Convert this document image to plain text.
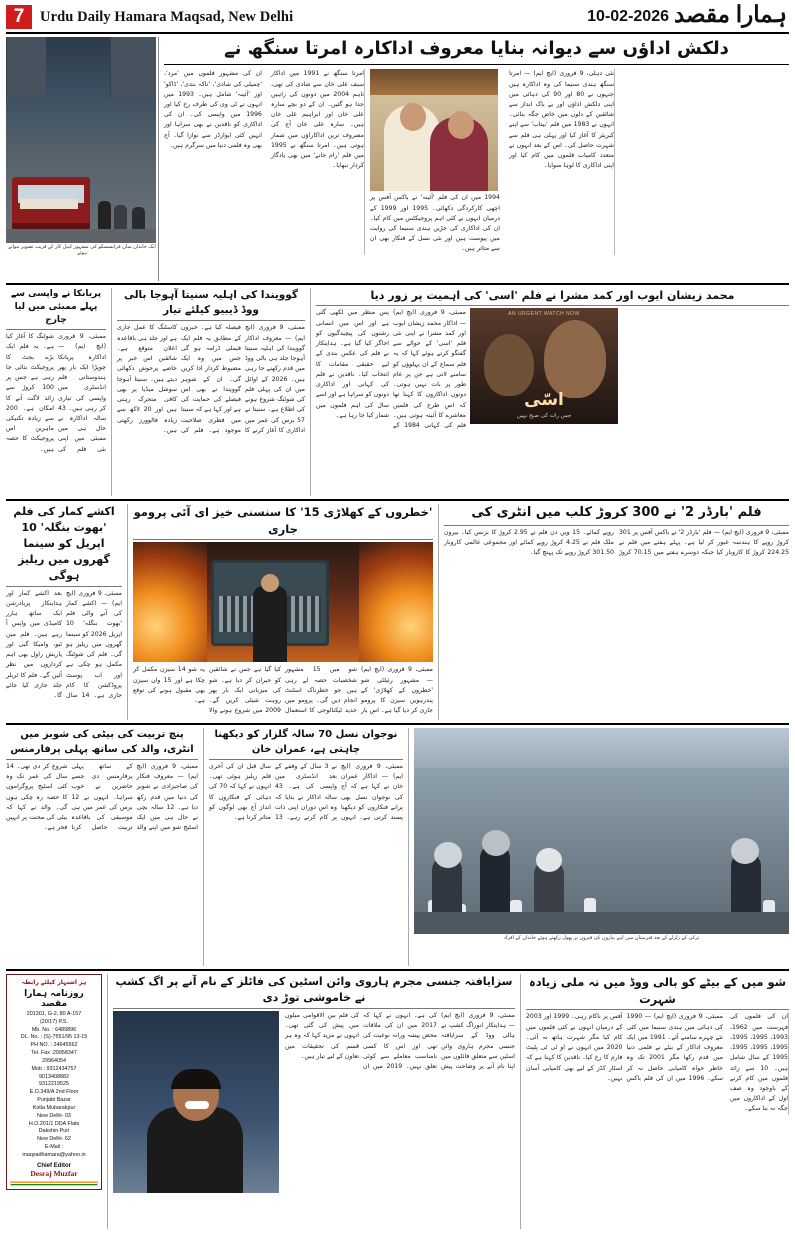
7	Urdu Daily Hamara Maqsad, New Delhi	10-02-2026 ہمارا مقصد
ایک خاندان سان فرانسسکو کی مشہور کیبل کار کے قریب تصویر بنواتے ہوئے
دلکش اداؤں سے دیوانہ بنایا معروف اداکارہ امرتا سنگھ نے
ان کی مشہور فلموں میں 'مرد'، 'چمیلی کی شادی'، 'ناکہ بندی'، 'ڈاکو' اور 'آئینہ' شامل ہیں۔ 1993 میں انہوں نے ٹی وی کی طرف رخ کیا اور 1996 میں واپسی کی۔ ان کی اداکاری کو ناقدین نے بھی سراہا اور انہیں کئی ایوارڈز سے نوازا گیا۔ آج بھی وہ فلمی دنیا میں سرگرم ہیں۔
امرتا سنگھ نے 1991 میں اداکار سیف علی خان سے شادی کی تھی، تاہم 2004 میں دونوں کی راہیں جدا ہو گئیں۔ ان کے دو بچے سارہ علی خان اور ابراہیم علی خان ہیں۔ سارہ علی خان آج کی مصروف ترین اداکاراؤں میں شمار ہوتی ہیں۔ امرتا سنگھ نے 1995 میں فلم 'رام جانے' میں بھی یادگار کردار نبھایا۔
1994 میں ان کی فلم 'آئینہ' نے باکس آفس پر اچھی کارکردگی دکھائی۔ 1995 اور 1999 کے درمیان انہوں نے کئی اہم پروجیکٹس میں کام کیا۔ ان کی اداکاری کی جڑیں ہندی سنیما کی روایت میں پیوست ہیں اور نئی نسل کے فنکار بھی ان سے متاثر ہیں۔
نئی دہلی، 9 فروری (ایچ ایم) — امرتا سنگھ ہندی سنیما کی وہ اداکارہ ہیں جنہوں نے 80 اور 90 کی دہائی میں اپنی دلکش اداؤں اور بے باک انداز سے شائقین کے دلوں میں خاص جگہ بنائی۔ انہوں نے 1983 میں فلم 'بیتاب' سے اپنے کیریئر کا آغاز کیا اور پہلی ہی فلم سے شہرت حاصل کی۔ اس کے بعد انہوں نے متعدد کامیاب فلموں میں کام کیا اور اپنی اداکاری کا لوہا منوایا۔
پریانکا نے واپسی سے پہلے ممبئی میں لیا چارج
ممبئی، 9 فروری (ایچ ایم) — اداکارہ پریانکا چوپڑا ایک بار پھر ہندوستانی فلم انڈسٹری میں واپسی کی تیاری کر رہی ہیں۔ 43 سالہ اداکارہ نے حال ہی میں ممبئی میں اپنی نئی فلم کی شوٹنگ کا آغاز کیا ہے۔ یہ فلم ایک بڑے بجٹ کا پروجیکٹ بتائی جا رہی ہے جس پر 100 کروڑ سے زائد لاگت آنے کا امکان ہے۔ 200 سے زیادہ تکنیکی ماہرین اس پروجیکٹ کا حصہ ہیں۔
گوویندا کی اہلیہ سنیتا آہوجا بالی ووڈ ڈیبیو کیلئے تیار
ممبئی، 9 فروری (ایچ ایم) — معروف اداکار گوویندا کی اہلیہ سنیتا آہوجا جلد ہی بالی ووڈ میں قدم رکھنے جا رہی ہیں۔ 2026 کے اوائل میں ان کی پہلی فلم کی شوٹنگ شروع ہونے کی اطلاع ہے۔ سنیتا نے 57 برس کی عمر میں اداکاری کا آغاز کرنے کا فیصلہ کیا ہے۔ خبروں کے مطابق یہ فلم ایک فیملی ڈرامہ ہو گی جس میں وہ ایک مضبوط کردار ادا کریں گی۔ ان کے شوہر گوویندا نے بھی اس فیصلے کی حمایت کی ہے اور کہا ہے کہ سنیتا میں فطری صلاحیت موجود ہے۔ فلم کی کاسٹنگ کا عمل جاری ہے اور جلد ہی باقاعدہ اعلان متوقع ہے۔ شائقین اس خبر پر خاصے پرجوش دکھائی دیتے ہیں۔ سنیتا آہوجا سوشل میڈیا پر بھی کافی متحرک رہتی ہیں اور 20 لاکھ سے زیادہ فالوورز رکھتی ہیں۔
محمد زیشان ایوب اور کمد مشرا نے فلم 'اسی' کی اہمیت پر زور دیا
ممبئی، 9 فروری (ایچ ایم) — اداکار محمد زیشان ایوب اور کمد مشرا نے اپنی نئی فلم 'اسی' کے حوالے سے گفتگو کرتے ہوئے کہا کہ یہ فلم سماج کے ان پہلوؤں کو سامنے لاتی ہے جن پر عام طور پر بات نہیں ہوتی۔ دونوں اداکاروں کا کہنا تھا کہ اس طرح کی فلمیں معاشرے کا آئینہ ہوتی ہیں۔ فلم کی کہانی 1984 کے پس منظر میں لکھی گئی ہے اور اس میں انسانی رشتوں کی پیچیدگیوں کو اجاگر کیا گیا ہے۔ ہدایتکار نے فلم کی عکس بندی کے لیے حقیقی مقامات کا انتخاب کیا۔ ناقدین نے فلم کی کہانی اور اداکاری دونوں کو سراہا ہے اور اسے سال کی اہم فلموں میں شمار کیا جا رہا ہے۔
AN URGENT WATCH NOW
اسّی
جس رات کی صبح نہیں
اکشے کمار کی فلم 'بھوت بنگلہ' 10 اپریل کو سینما گھروں میں ریلیز ہوگی
ممبئی، 9 فروری (ایچ ایم) — اکشے کمار کی آنے والی فلم 'بھوت بنگلہ' 10 اپریل 2026 کو سینما گھروں میں ریلیز ہو گی۔ فلم کی شوٹنگ مکمل ہو چکی ہے اور اب پوسٹ پروڈکشن کا کام جاری ہے۔ 14 سال بعد اکشے کمار اور ہدایتکار پریادرشن ایک ساتھ ہارر کامیڈی میں واپس آ رہے ہیں۔ فلم میں ٹبو، وامیکا گبی اور پاریش راول بھی اہم کرداروں میں نظر آئیں گے۔ فلم کا ٹریلر جلد جاری کیا جائے گا۔
'خطروں کے کھلاڑی 15' کا سنسنی خیز ای آئی پرومو جاری
ممبئی، 9 فروری (ایچ ایم) — مشہور رئیلٹی شو 'خطروں کے کھلاڑی' کے پندرہویں سیزن کا پرومو جاری کر دیا گیا ہے۔ اس بار شو میں 15 مشہور شخصیات حصہ لے رہی ہیں جو خطرناک اسٹنٹ انجام دیں گی۔ پرومو میں جدید ٹیکنالوجی کا استعمال کیا گیا ہے جس نے شائقین کو حیران کر دیا ہے۔ شو کی میزبانی ایک بار پھر روہت شیٹی کریں گے۔ 2009 میں شروع ہونے والا یہ شو 14 سیزن مکمل کر چکا ہے اور 15 واں سیزن بھی مقبول ہونے کی توقع ہے۔
فلم 'بارڈر 2' نے 300 کروڑ کلب میں انٹری کی
ممبئی، 9 فروری (ایچ ایم) — فلم 'بارڈر 2' نے باکس آفس پر 301 کروڑ روپے کا ہندسہ عبور کر لیا ہے۔ پہلے ہفتے میں فلم نے 224.25 کروڑ کا کاروبار کیا جبکہ دوسرے ہفتے میں 70.15 کروڑ روپے کمائے۔ 15 ویں دن فلم نے 2.95 کروڑ کا بزنس کیا۔ بیرون ملک فلم نے 4.25 کروڑ روپے کمائے اور مجموعی عالمی کاروبار 301.50 کروڑ روپے تک پہنچ گیا۔
پنچ تربیت کی بیٹی کی شوبز میں انٹری، والد کی ساتھ پہلی پرفارمنس
ممبئی، 9 فروری (ایچ ایم) — معروف فنکار کی صاحبزادی نے شوبز کی دنیا میں قدم رکھ دیا ہے۔ 12 سالہ بچی نے حال ہی میں ایک اسٹیج شو میں اپنے والد کے ساتھ پہلی پرفارمنس دی جسے حاضرین نے خوب سراہا۔ انہوں نے 12 برس کی عمر میں ہی موسیقی کی باقاعدہ تربیت حاصل کرنا شروع کر دی تھی۔ 14 سال کی عمر تک وہ کئی اسٹیج پروگراموں کا حصہ رہ چکی ہوں گی۔ والد نے کہا کہ بیٹی کی محنت پر انہیں فخر ہے۔
نوجوان نسل 70 سالہ گلزار کو دیکھنا چاہتی ہے، عمران خان
ممبئی، 9 فروری (ایچ ایم) — اداکار عمران خان نے کہا ہے کہ آج کی نوجوان نسل بھی پرانے فنکاروں کو دیکھنا پسند کرتی ہے۔ انہوں نے 3 سال کے وقفے کے بعد انڈسٹری میں واپسی کی ہے۔ 43 سالہ اداکار نے بتایا کہ وہ اس دوران اپنی ذات پر کام کرتے رہے۔ 13 سال قبل ان کی آخری فلم ریلیز ہوئی تھی۔ انہوں نے کہا کہ 70 کی دہائی کے فنکاروں کا انداز آج بھی لوگوں کو متاثر کرتا ہے۔
ترکی کے زلزلے کے بعد قبرستان میں اپنے پیاروں کی قبروں پر پھول رکھتے ہوئے خاندان کے افراد
ہر اشتہار کیلئے رابطہ
روزنامہ ہمارا مقصد
201301, G-2, 80 A-157
(20/17) P.S.
Mb. No. : 6489896
DL. No. : (S)-7551/95 13-15
PH NO. : 24645562
Tel. Fax :29958347
29964054
Mob : 9312434757
9013408882
9312219525
E.O.349/A 2nd Floor
Punjabi Bazar
Kotla Mubarakpur
New Delhi- 03
H.O.201/1 DDA Flats
Dakshin Puri
New Delhi- 62
E-Mail :
maqsadhamara@yahoo.in
Chief Editor
Desraj Muzfar
سزایافتہ جنسی مجرم ہاروی وائن اسٹین کی فائلز کے نام آنے پر اگ کشپ نے خاموشی توڑ دی
ممبئی، 9 فروری (ایچ ایم) — ہدایتکار انوراگ کشپ نے ہالی ووڈ کے سزایافتہ جنسی مجرم ہاروی وائن اسٹین سے متعلق فائلوں میں اپنا نام آنے پر وضاحت پیش کی ہے۔ انہوں نے کہا کہ 2017 میں ان کی ملاقات محض پیشہ ورانہ نوعیت کی تھی اور اس کا کسی نامناسب معاملے سے کوئی تعلق نہیں۔ 2019 میں ان کی فلم بین الاقوامی میلوں میں پیش کی گئی تھی۔ انہوں نے مزید کہا کہ وہ ہر قسم کی تحقیقات میں تعاون کے لیے تیار ہیں۔
شو میں کے بیٹے کو بالی ووڈ میں نہ ملی زیادہ شہرت
ممبئی، 9 فروری (ایچ ایم) — 1990 کی دہائی میں ہندی سنیما میں کئی نئے چہرے سامنے آئے۔ 1991 میں ایک معروف اداکار کے بیٹے نے فلمی دنیا میں قدم رکھا مگر 2001 تک وہ خاطر خواہ کامیابی حاصل نہ کر سکے۔ 1996 میں ان کی فلم باکس آفس پر ناکام رہی۔ 1999 اور 2003 کے درمیان انہوں نے کئی فلموں میں کام کیا مگر شہرت ہاتھ نہ آئی۔ 2020 میں انہوں نے او ٹی ٹی پلیٹ فارم کا رخ کیا۔ ناقدین کا کہنا ہے کہ اسٹار کڈز کے لیے بھی کامیابی آسان نہیں۔
ان کی فلموں کی فہرست میں 1962، 1993، 1995، 1995، 1995، 1995، 1995، 1995 کے سال شامل ہیں۔ 10 سے زائد فلموں میں کام کرنے کے باوجود وہ صف اول کے اداکاروں میں جگہ نہ بنا سکے۔
